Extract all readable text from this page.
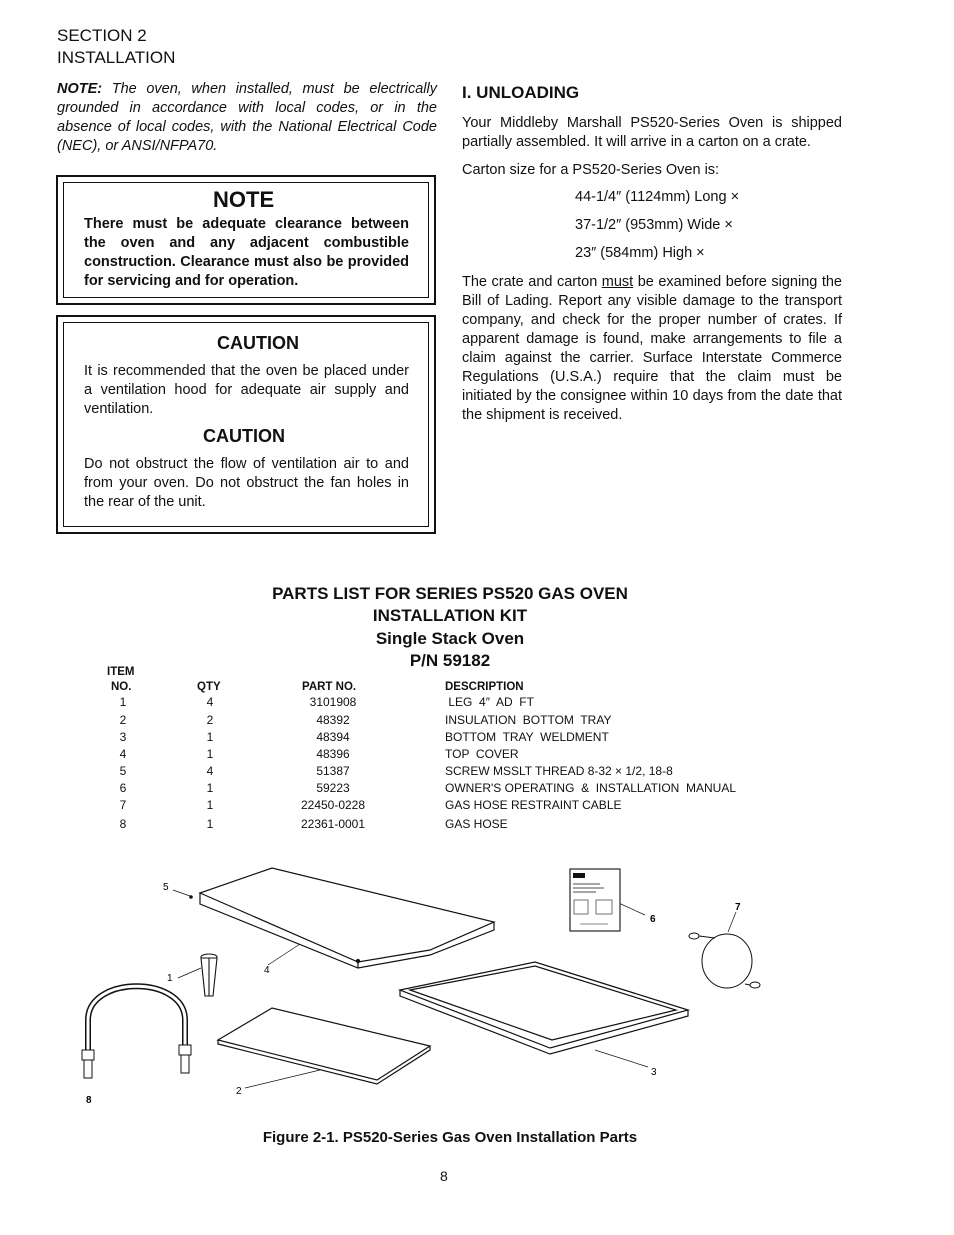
SECTION 2
INSTALLATION
NOTE: The oven, when installed, must be electrically grounded in accordance with local codes, or in the absence of local codes, with the National Electrical Code (NEC), or ANSI/NFPA70.
NOTE
There must be adequate clearance between the oven and any adjacent combustible construction. Clearance must also be provided for servicing and for operation.
CAUTION
It is recommended that the oven be placed under a ventilation hood for adequate air supply and ventilation.
CAUTION
Do not obstruct the flow of ventilation air to and from your oven. Do not obstruct the fan holes in the rear of the unit.
I. UNLOADING
Your Middleby Marshall PS520-Series Oven is shipped partially assembled. It will arrive in a carton on a crate.
Carton size for a PS520-Series Oven is:
44-1/4″ (1124mm) Long ×
37-1/2″ (953mm) Wide ×
23″ (584mm) High ×
The crate and carton must be examined before signing the Bill of Lading. Report any visible damage to the transport company, and check for the proper number of crates. If apparent damage is found, make arrangements to file a claim against the carrier. Surface Interstate Commerce Regulations (U.S.A.) require that the claim must be initiated by the consignee within 10 days from the date that the shipment is received.
PARTS LIST FOR SERIES PS520 GAS OVEN
INSTALLATION KIT
Single Stack Oven
P/N 59182
ITEM
NO.	QTY	PART NO.	DESCRIPTION
1	4	3101908	LEG  4″  AD  FT
2	2	48392	INSULATION  BOTTOM  TRAY
3	1	48394	BOTTOM  TRAY  WELDMENT
4	1	48396	TOP  COVER
5	4	51387	SCREW MSSLT THREAD 8-32 × 1/2, 18-8
6	1	59223	OWNER'S OPERATING  &  INSTALLATION  MANUAL
7	1	22450-0228	GAS HOSE RESTRAINT CABLE
8	1	22361-0001	GAS HOSE
5
4
1
2
8
6
7
3
Figure 2-1. PS520-Series Gas Oven Installation Parts
8
